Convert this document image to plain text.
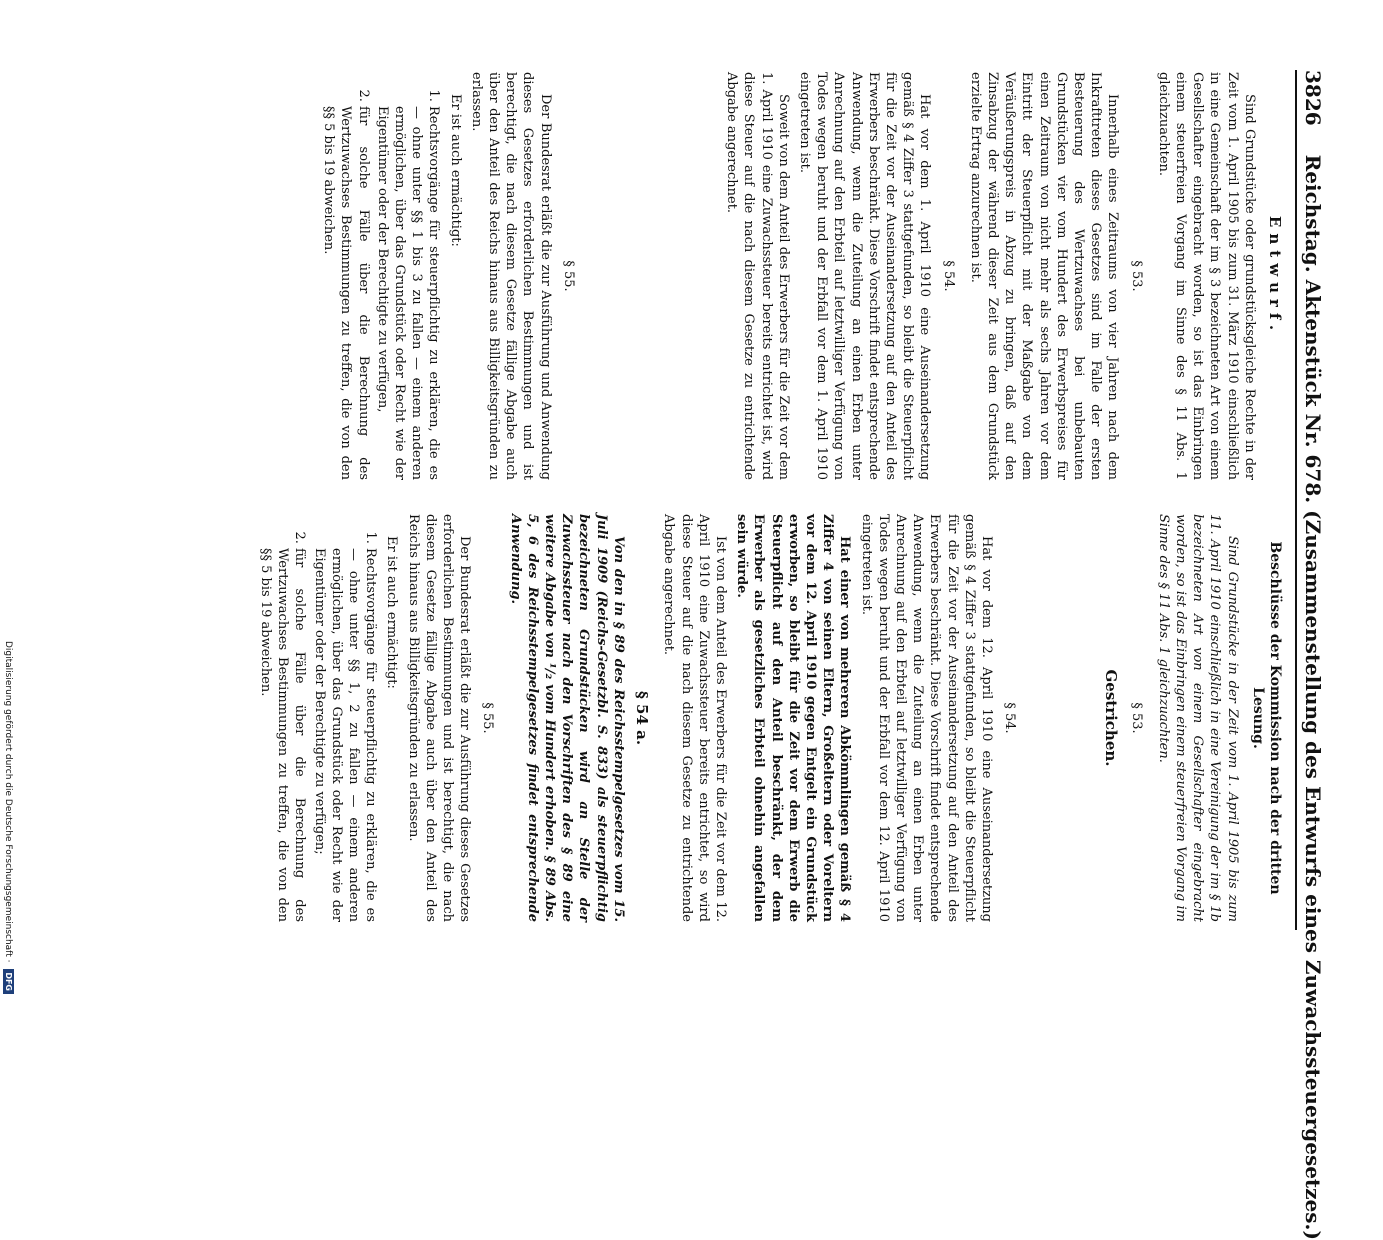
3826 Reichstag. Aktenstück Nr. 678. (Zusammenstellung des Entwurfs eines Zuwachssteuergesetzes.)
Entwurf.

Sind Grundstücke oder grundstücksgleiche Rechte in der Zeit vom 1. April 1905 bis zum 31. März 1910 einschließlich in eine Gemeinschaft der im § 3 bezeichneten Art von einem Gesellschafter eingebracht worden, so ist das Einbringen einem steuerfreien Vorgang im Sinne des § 11 Abs. 1 gleichzuachten.

§ 53.

Innerhalb eines Zeitraums von vier Jahren nach dem Inkrafttreten dieses Gesetzes sind im Falle der ersten Besteuerung des Wertzuwachses bei unbebauten Grundstücken vier vom Hundert des Erwerbspreises für einen Zeitraum von nicht mehr als sechs Jahren vor dem Eintritt der Steuerpflicht mit der Maßgabe von dem Veräußerungspreis in Abzug zu bringen, daß auf den Zinsabzug der während dieser Zeit aus dem Grundstück erzielte Ertrag anzurechnen ist.

§ 54.

Hat vor dem 1. April 1910 eine Auseinandersetzung gemäß § 4 Ziffer 3 stattgefunden, so bleibt die Steuerpflicht für die Zeit vor der Auseinandersetzung auf den Anteil des Erwerbers beschränkt. Diese Vorschrift findet entsprechende Anwendung, wenn die Zuteilung an einen Erben unter Anrechnung auf den Erbteil auf letztwilliger Verfügung von Todes wegen beruht und der Erbfall vor dem 1. April 1910 eingetreten ist.

Soweit von dem Anteil des Erwerbers für die Zeit vor dem 1. April 1910 eine Zuwachssteuer bereits entrichtet ist, wird diese Steuer auf die nach diesem Gesetze zu entrichtende Abgabe angerechnet.

§ 55.

Der Bundesrat erläßt die zur Ausführung und Anwendung dieses Gesetzes erforderlichen Bestimmungen und ist berechtigt, die nach diesem Gesetze fällige Abgabe auch über den Anteil des Reichs hinaus aus Billigkeitsgründen zu erlassen.

Er ist auch ermächtigt:

1. Rechtsvorgänge für steuerpflichtig zu erklären, die es — ohne unter §§ 1 bis 3 zu fallen — einem anderen ermöglichen, über das Grundstück oder Recht wie der Eigentümer oder der Berechtigte zu verfügen,
2. für solche Fälle über die Berechnung des Wertzuwachses Bestimmungen zu treffen, die von den §§ 5 bis 19 abweichen.
Beschlüsse der Kommission nach der dritten Lesung.

Sind Grundstücke in der Zeit vom 1. April 1905 bis zum 11. April 1910 einschließlich in eine Vereinigung der im § 1b bezeichneten Art von einem Gesellschafter eingebracht worden, so ist das Einbringen einem steuerfreien Vorgang im Sinne des § 11 Abs. 1 gleichzuachten.

§ 53.
Gestrichen.
§ 54.

Hat vor dem 12. April 1910 eine Auseinandersetzung gemäß § 4 Ziffer 3 stattgefunden, so bleibt die Steuerpflicht für die Zeit vor der Auseinandersetzung auf den Anteil des Erwerbers beschränkt. Diese Vorschrift findet entsprechende Anwendung, wenn die Zuteilung an einen Erben unter Anrechnung auf den Erbteil auf letztwilliger Verfügung von Todes wegen beruht und der Erbfall vor dem 12. April 1910 eingetreten ist.

Hat einer von mehreren Abkömmlingen gemäß § 4 Ziffer 4 von seinen Eltern, Großeltern oder Voreltern vor dem 12. April 1910 gegen Entgelt ein Grundstück erworben, so bleibt für die Zeit vor dem Erwerb die Steuerpflicht auf den Anteil beschränkt, der dem Erwerber als gesetzliches Erbteil ohnehin angefallen sein würde.

Ist von dem Anteil des Erwerbers für die Zeit vor dem 12. April 1910 eine Zuwachssteuer bereits entrichtet, so wird diese Steuer auf die nach diesem Gesetze zu entrichtende Abgabe angerechnet.

§ 54 a.

Von den in § 89 des Reichsstempelgesetzes vom 15. Juli 1909 (Reichs-Gesetzbl. S. 833) als steuerpflichtig bezeichneten Grundstücken wird an Stelle der Zuwachssteuer nach den Vorschriften des § 89 eine weitere Abgabe von ¹/₂ vom Hundert erhoben. § 89 Abs. 5, 6 des Reichsstempelgesetzes findet entsprechende Anwendung.

§ 55.

Der Bundesrat erläßt die zur Ausführung dieses Gesetzes erforderlichen Bestimmungen und ist berechtigt, die nach diesem Gesetze fällige Abgabe auch über den Anteil des Reichs hinaus aus Billigkeitsgründen zu erlassen.

Er ist auch ermächtigt:

1. Rechtsvorgänge für steuerpflichtig zu erklären, die es — ohne unter §§ 1, 2 zu fallen — einem anderen ermöglichen, über das Grundstück oder Recht wie der Eigentümer oder der Berechtigte zu verfügen;
2. für solche Fälle über die Berechnung des Wertzuwachses Bestimmungen zu treffen, die von den §§ 5 bis 19 abweichen.
Digitalisierung gefördert durch die Deutsche Forschungsgemeinschaft · DFG
